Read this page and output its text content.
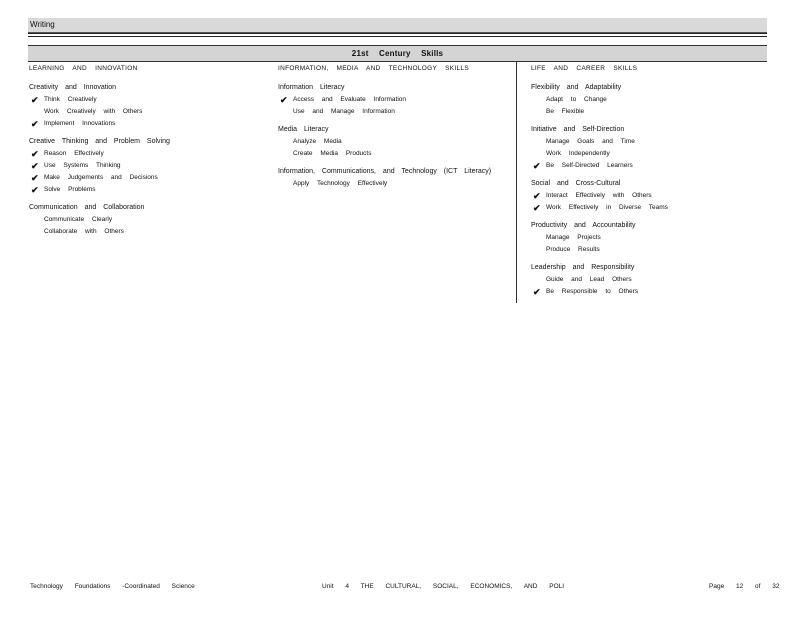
Writing
21st Century Skills
LEARNING AND INNOVATION
Creativity and Innovation
✔ Think Creatively
Work Creatively with Others
✔ Implement Innovations
Creative Thinking and Problem Solving
✔ Reason Effectively
✔ Use Systems Thinking
✔ Make Judgements and Decisions
✔ Solve Problems
Communication and Collaboration
Communicate Clearly
Collaborate with Others
INFORMATION, MEDIA AND TECHNOLOGY SKILLS
Information Literacy
✔ Access and Evaluate Information
Use and Manage Information
Media Literacy
Analyze Media
Create Media Products
Information, Communications, and Technology (ICT Literacy)
Apply Technology Effectively
LIFE AND CAREER SKILLS
Flexibility and Adaptability
Adapt to Change
Be Flexible
Initiative and Self-Direction
Manage Goals and Time
Work Independently
✔ Be Self-Directed Learners
Social and Cross-Cultural
✔ Interact Effectively with Others
✔ Work Effectively in Diverse Teams
Productivity and Accountability
Manage Projects
Produce Results
Leadership and Responsibility
Guide and Lead Others
✔ Be Responsible to Others
Technology Foundations -Coordinated Science	Unit 4 THE CULTURAL, SOCIAL, ECONOMICS, AND POLI	Page 12 of 32
